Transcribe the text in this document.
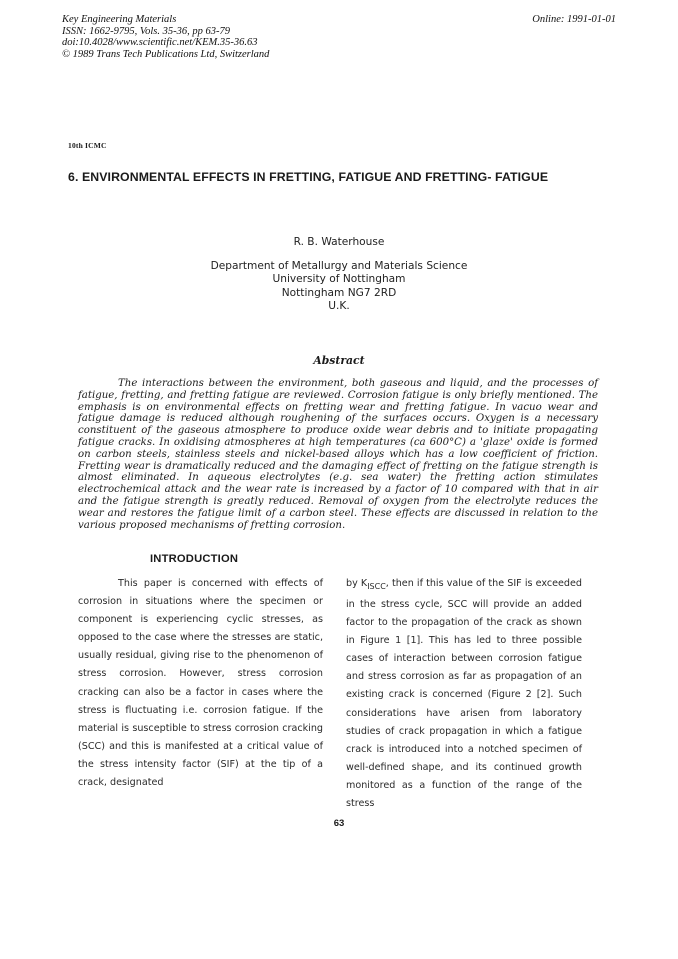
Key Engineering Materials
ISSN: 1662-9795, Vols. 35-36, pp 63-79
doi:10.4028/www.scientific.net/KEM.35-36.63
© 1989 Trans Tech Publications Ltd, Switzerland
Online: 1991-01-01
10th ICMC
6. ENVIRONMENTAL EFFECTS IN FRETTING, FATIGUE AND FRETTING- FATIGUE
R. B. Waterhouse
Department of Metallurgy and Materials Science
University of Nottingham
Nottingham NG7 2RD
U.K.
Abstract
The interactions between the environment, both gaseous and liquid, and the processes of fatigue, fretting, and fretting fatigue are reviewed. Corrosion fatigue is only briefly mentioned. The emphasis is on environmental effects on fretting wear and fretting fatigue. In vacuo wear and fatigue damage is reduced although roughening of the surfaces occurs. Oxygen is a necessary constituent of the gaseous atmosphere to produce oxide wear debris and to initiate propagating fatigue cracks. In oxidising atmospheres at high temperatures (ca 600°C) a 'glaze' oxide is formed on carbon steels, stainless steels and nickel-based alloys which has a low coefficient of friction. Fretting wear is dramatically reduced and the damaging effect of fretting on the fatigue strength is almost eliminated. In aqueous electrolytes (e.g. sea water) the fretting action stimulates electrochemical attack and the wear rate is increased by a factor of 10 compared with that in air and the fatigue strength is greatly reduced. Removal of oxygen from the electrolyte reduces the wear and restores the fatigue limit of a carbon steel. These effects are discussed in relation to the various proposed mechanisms of fretting corrosion.
INTRODUCTION
This paper is concerned with effects of corrosion in situations where the specimen or component is experiencing cyclic stresses, as opposed to the case where the stresses are static, usually residual, giving rise to the phenomenon of stress corrosion. However, stress corrosion cracking can also be a factor in cases where the stress is fluctuating i.e. corrosion fatigue. If the material is susceptible to stress corrosion cracking (SCC) and this is manifested at a critical value of the stress intensity factor (SIF) at the tip of a crack, designated
by $K_{ISCC}$, then if this value of the SIF is exceeded in the stress cycle, SCC will provide an added factor to the propagation of the crack as shown in Figure 1 [1]. This has led to three possible cases of interaction between corrosion fatigue and stress corrosion as far as propagation of an existing crack is concerned (Figure 2 [2]. Such considerations have arisen from laboratory studies of crack propagation in which a fatigue crack is introduced into a notched specimen of well-defined shape, and its continued growth monitored as a function of the range of the stress
63
